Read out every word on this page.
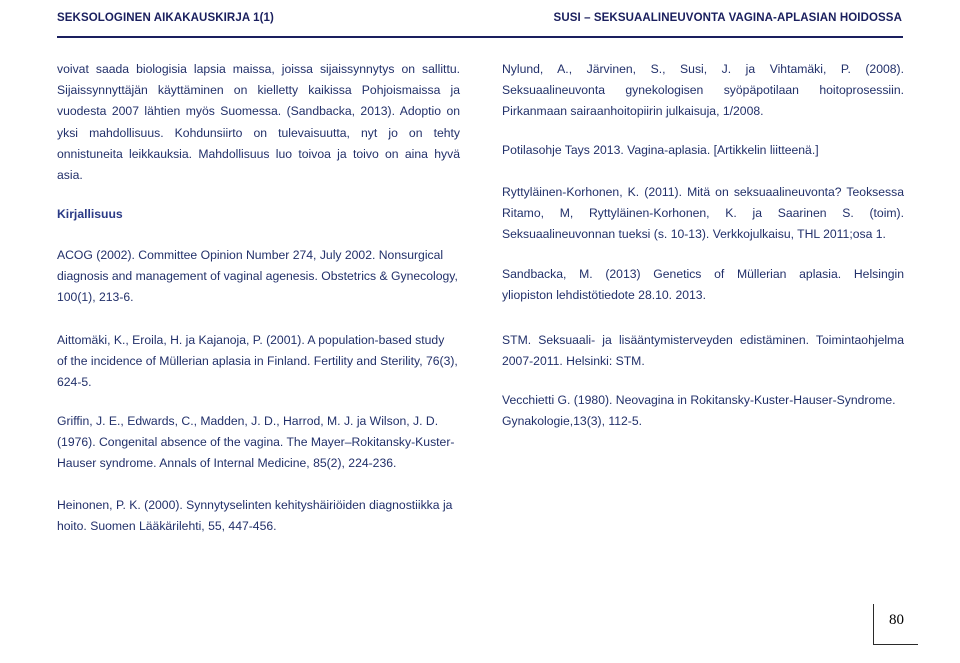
SEKSOLOGINEN AIKAKAUSKIRJA 1(1)	SUSI – SEKSUAALINEUVONTA VAGINA-APLASIAN HOIDOSSA

voivat saada biologisia lapsia maissa, joissa sijaissynnytys on sallittu.

Sijaissynnyttäjän käyttäminen on kielletty kaikissa Pohjoismaissa ja

vuodesta 2007 lähtien myös Suomessa. (Sandbacka, 2013). Adoptio on

yksi mahdollisuus. Kohdunsiirto on tulevaisuutta, nyt jo on tehty

onnistuneita leikkauksia. Mahdollisuus luo toivoa ja toivo on aina hyvä

asia.

Kirjallisuus

ACOG (2002). Committee Opinion Number 274, July 2002. Nonsurgical

diagnosis and management of vaginal agenesis. Obstetrics & Gynecology,

100(1), 213-6.

Aittomäki, K., Eroila, H. ja Kajanoja, P. (2001). A population-based study

of the incidence of Müllerian aplasia in Finland. Fertility and Sterility, 76(3),

624-5.

Griffin, J. E., Edwards, C., Madden, J. D., Harrod, M. J. ja Wilson, J. D.

(1976). Congenital absence of the vagina. The Mayer–Rokitansky-Kuster-

Hauser syndrome. Annals of Internal Medicine, 85(2), 224-236.

Heinonen, P. K. (2000). Synnytyselinten kehityshäiriöiden diagnostiikka ja

hoito. Suomen Lääkärilehti, 55, 447-456.

Nylund, A., Järvinen, S., Susi, J. ja Vihtamäki, P. (2008).

Seksuaalineuvonta gynekologisen syöpäpotilaan hoitoprosessiin.

Pirkanmaan sairaanhoitopiirin julkaisuja, 1/2008.

Potilasohje Tays 2013. Vagina-aplasia. [Artikkelin liitteenä.]

Ryttyläinen-Korhonen, K. (2011). Mitä on seksuaalineuvonta? Teoksessa

Ritamo, M, Ryttyläinen-Korhonen, K. ja Saarinen S. (toim).

Seksuaalineuvonnan tueksi (s. 10-13). Verkkojulkaisu, THL 2011;osa 1.

Sandbacka, M. (2013) Genetics of Müllerian aplasia. Helsingin

yliopiston lehdistötiedote 28.10. 2013.

STM. Seksuaali- ja lisääntymisterveyden edistäminen. Toimintaohjelma

2007-2011. Helsinki: STM.

Vecchietti G. (1980). Neovagina in Rokitansky-Kuster-Hauser-Syndrome.

Gynakologie,13(3), 112-5.

80
